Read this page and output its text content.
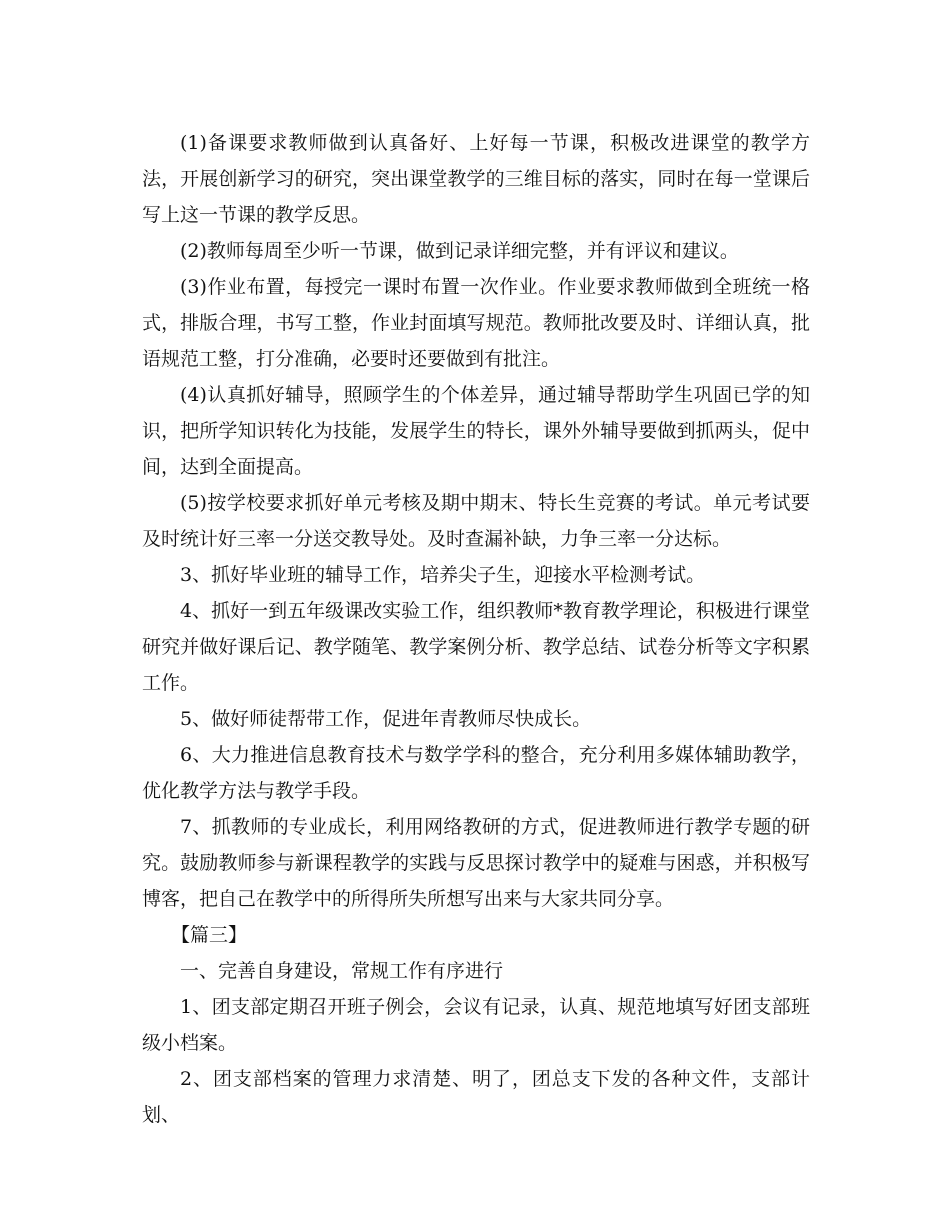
(1)备课要求教师做到认真备好、上好每一节课，积极改进课堂的教学方法，开展创新学习的研究，突出课堂教学的三维目标的落实，同时在每一堂课后写上这一节课的教学反思。

(2)教师每周至少听一节课，做到记录详细完整，并有评议和建议。

(3)作业布置，每授完一课时布置一次作业。作业要求教师做到全班统一格式，排版合理，书写工整，作业封面填写规范。教师批改要及时、详细认真，批语规范工整，打分准确，必要时还要做到有批注。

(4)认真抓好辅导，照顾学生的个体差异，通过辅导帮助学生巩固已学的知识，把所学知识转化为技能，发展学生的特长，课外外辅导要做到抓两头，促中间，达到全面提高。

(5)按学校要求抓好单元考核及期中期末、特长生竞赛的考试。单元考试要及时统计好三率一分送交教导处。及时查漏补缺，力争三率一分达标。

3、抓好毕业班的辅导工作，培养尖子生，迎接水平检测考试。

4、抓好一到五年级课改实验工作，组织教师*教育教学理论，积极进行课堂研究并做好课后记、教学随笔、教学案例分析、教学总结、试卷分析等文字积累工作。

5、做好师徒帮带工作，促进年青教师尽快成长。

6、大力推进信息教育技术与数学学科的整合，充分利用多媒体辅助教学，优化教学方法与教学手段。

7、抓教师的专业成长，利用网络教研的方式，促进教师进行教学专题的研究。鼓励教师参与新课程教学的实践与反思探讨教学中的疑难与困惑，并积极写博客，把自己在教学中的所得所失所想写出来与大家共同分享。

【篇三】

一、完善自身建设，常规工作有序进行

1、团支部定期召开班子例会，会议有记录，认真、规范地填写好团支部班级小档案。

2、团支部档案的管理力求清楚、明了，团总支下发的各种文件，支部计划、
